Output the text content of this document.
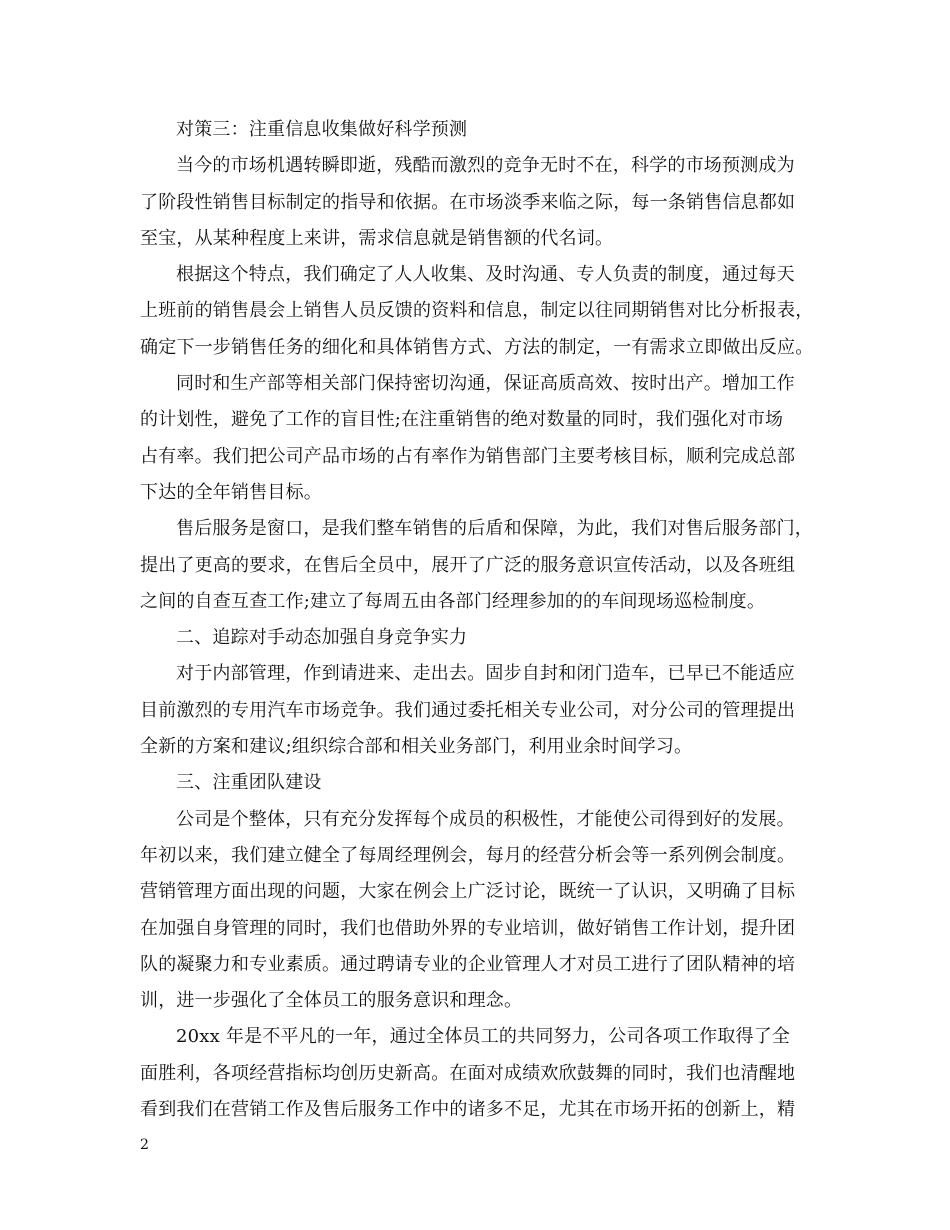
对策三：注重信息收集做好科学预测
当今的市场机遇转瞬即逝，残酷而激烈的竞争无时不在，科学的市场预测成为
了阶段性销售目标制定的指导和依据。在市场淡季来临之际，每一条销售信息都如
至宝，从某种程度上来讲，需求信息就是销售额的代名词。
根据这个特点，我们确定了人人收集、及时沟通、专人负责的制度，通过每天
上班前的销售晨会上销售人员反馈的资料和信息，制定以往同期销售对比分析报表，
确定下一步销售任务的细化和具体销售方式、方法的制定，一有需求立即做出反应。
同时和生产部等相关部门保持密切沟通，保证高质高效、按时出产。增加工作
的计划性，避免了工作的盲目性;在注重销售的绝对数量的同时，我们强化对市场
占有率。我们把公司产品市场的占有率作为销售部门主要考核目标，顺利完成总部
下达的全年销售目标。
售后服务是窗口，是我们整车销售的后盾和保障，为此，我们对售后服务部门，
提出了更高的要求，在售后全员中，展开了广泛的服务意识宣传活动，以及各班组
之间的自查互查工作;建立了每周五由各部门经理参加的的车间现场巡检制度。
二、追踪对手动态加强自身竞争实力
对于内部管理，作到请进来、走出去。固步自封和闭门造车，已早已不能适应
目前激烈的专用汽车市场竞争。我们通过委托相关专业公司，对分公司的管理提出
全新的方案和建议;组织综合部和相关业务部门，利用业余时间学习。
三、注重团队建设
公司是个整体，只有充分发挥每个成员的积极性，才能使公司得到好的发展。
年初以来，我们建立健全了每周经理例会，每月的经营分析会等一系列例会制度。
营销管理方面出现的问题，大家在例会上广泛讨论，既统一了认识，又明确了目标
在加强自身管理的同时，我们也借助外界的专业培训，做好销售工作计划，提升团
队的凝聚力和专业素质。通过聘请专业的企业管理人才对员工进行了团队精神的培
训，进一步强化了全体员工的服务意识和理念。
20xx 年是不平凡的一年，通过全体员工的共同努力，公司各项工作取得了全
面胜利，各项经营指标均创历史新高。在面对成绩欢欣鼓舞的同时，我们也清醒地
看到我们在营销工作及售后服务工作中的诸多不足，尤其在市场开拓的创新上，精
2
